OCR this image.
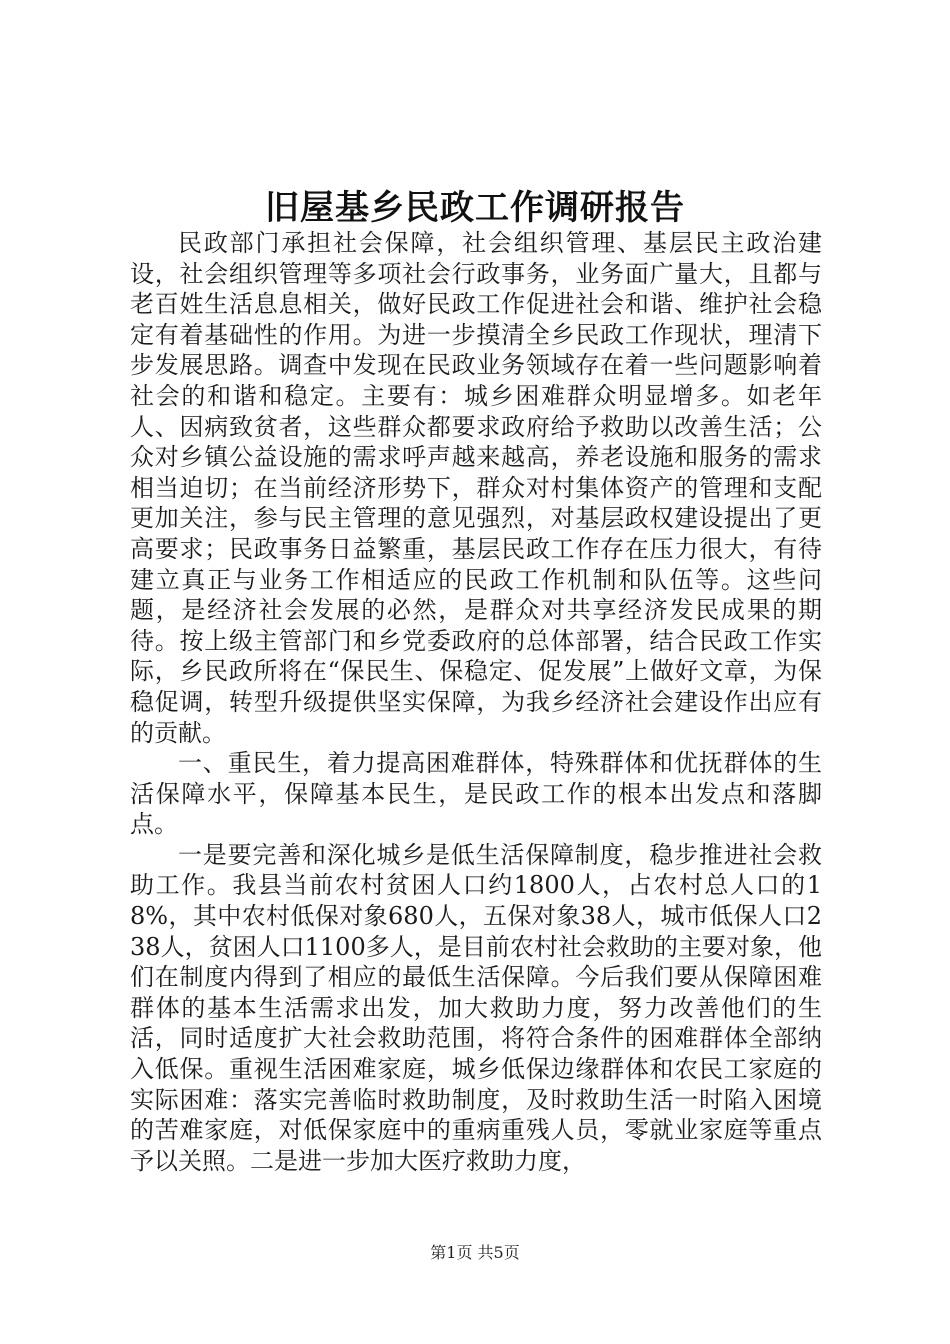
旧屋基乡民政工作调研报告

民政部门承担社会保障，社会组织管理、基层民主政治建设，社会组织管理等多项社会行政事务，业务面广量大，且都与老百姓生活息息相关，做好民政工作促进社会和谐、维护社会稳定有着基础性的作用。为进一步摸清全乡民政工作现状，理清下步发展思路。调查中发现在民政业务领域存在着一些问题影响着社会的和谐和稳定。主要有：城乡困难群众明显增多。如老年人、因病致贫者，这些群众都要求政府给予救助以改善生活；公众对乡镇公益设施的需求呼声越来越高，养老设施和服务的需求相当迫切；在当前经济形势下，群众对村集体资产的管理和支配更加关注，参与民主管理的意见强烈，对基层政权建设提出了更高要求；民政事务日益繁重，基层民政工作存在压力很大，有待建立真正与业务工作相适应的民政工作机制和队伍等。这些问题，是经济社会发展的必然，是群众对共享经济发民成果的期待。按上级主管部门和乡党委政府的总体部署，结合民政工作实际，乡民政所将在“保民生、保稳定、促发展”上做好文章，为保稳促调，转型升级提供坚实保障，为我乡经济社会建设作出应有的贡献。

一、重民生，着力提高困难群体，特殊群体和优抚群体的生活保障水平，保障基本民生，是民政工作的根本出发点和落脚点。

一是要完善和深化城乡是低生活保障制度，稳步推进社会救助工作。我县当前农村贫困人口约1800人，占农村总人口的18%，其中农村低保对象680人，五保对象38人，城市低保人口238人，贫困人口1100多人，是目前农村社会救助的主要对象，他们在制度内得到了相应的最低生活保障。今后我们要从保障困难群体的基本生活需求出发，加大救助力度，努力改善他们的生活，同时适度扩大社会救助范围，将符合条件的困难群体全部纳入低保。重视生活困难家庭，城乡低保边缘群体和农民工家庭的实际困难：落实完善临时救助制度，及时救助生活一时陷入困境的苦难家庭，对低保家庭中的重病重残人员，零就业家庭等重点予以关照。二是进一步加大医疗救助力度，

第1页 共5页
